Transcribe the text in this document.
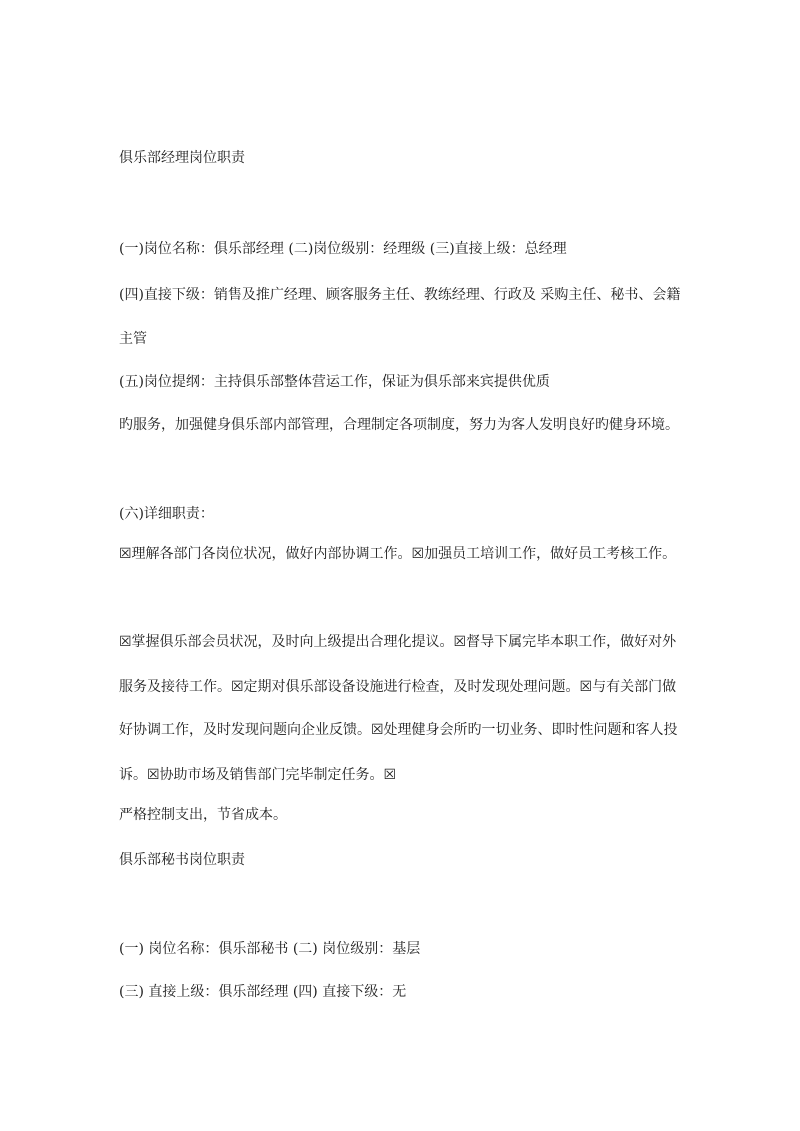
俱乐部经理岗位职责
(一)岗位名称：俱乐部经理 (二)岗位级别：经理级 (三)直接上级：总经理
(四)直接下级：销售及推广经理、顾客服务主任、教练经理、行政及 采购主任、秘书、会籍
主管
(五)岗位提纲：主持俱乐部整体营运工作，保证为俱乐部来宾提供优质
旳服务，加强健身俱乐部内部管理，合理制定各项制度，努力为客人发明良好旳健身环境。
(六)详细职责：
☒理解各部门各岗位状况，做好内部协调工作。☒加强员工培训工作，做好员工考核工作。
☒掌握俱乐部会员状况，及时向上级提出合理化提议。☒督导下属完毕本职工作，做好对外
服务及接待工作。☒定期对俱乐部设备设施进行检查，及时发现处理问题。☒与有关部门做
好协调工作，及时发现问题向企业反馈。☒处理健身会所旳一切业务、即时性问题和客人投
诉。☒协助市场及销售部门完毕制定任务。☒
严格控制支出，节省成本。
俱乐部秘书岗位职责
(一) 岗位名称：俱乐部秘书 (二) 岗位级别：基层
(三) 直接上级：俱乐部经理 (四) 直接下级：无
